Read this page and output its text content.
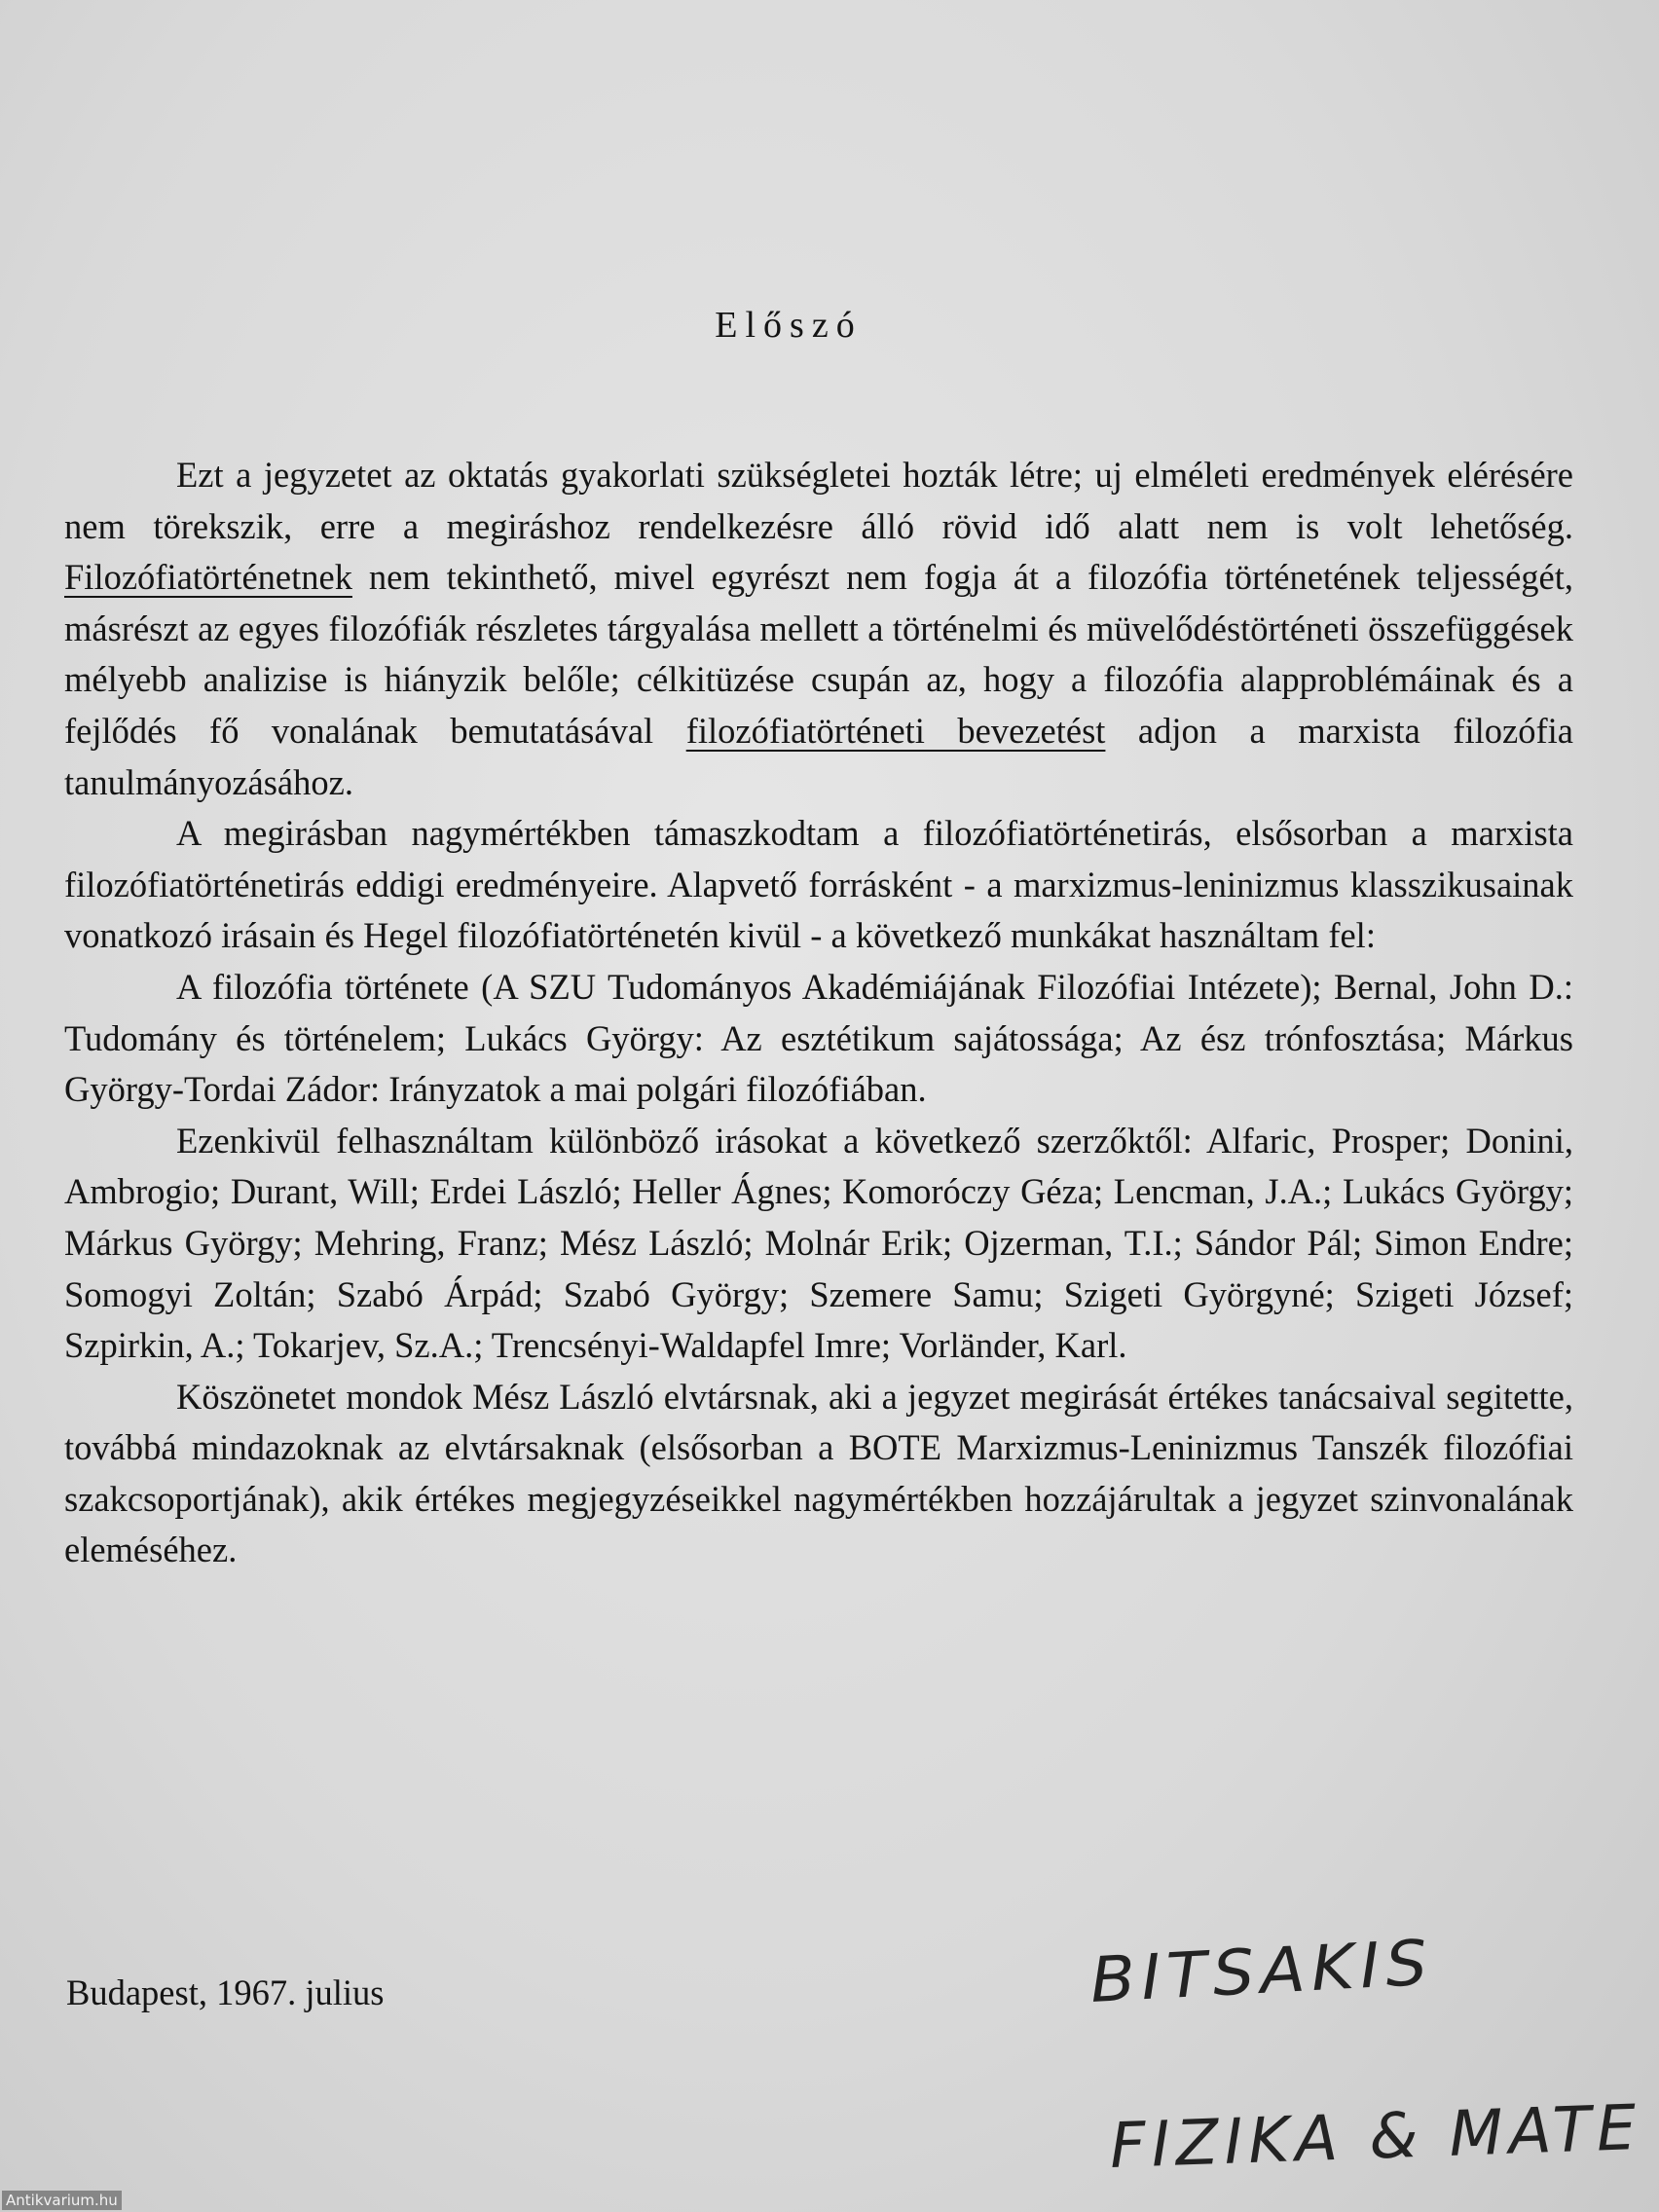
Előszó

Ezt a jegyzetet az oktatás gyakorlati szükségletei hozták létre; uj elméleti eredmények elérésére nem törekszik, erre a megiráshoz rendelkezésre álló rövid idő alatt nem is volt lehetőség. Filozófiatörténetnek nem tekinthető, mivel egyrészt nem fogja át a filozófia történetének teljességét, másrészt az egyes filozófiák részletes tárgyalása mellett a történelmi és müvelődéstörténeti összefüggések mélyebb analizise is hiányzik belőle; célkitüzése csupán az, hogy a filozófia alapproblémáinak és a fejlődés fő vonalának bemutatásával filozófiatörténeti bevezetést adjon a marxista filozófia tanulmányozásához.

A megirásban nagymértékben támaszkodtam a filozófiatörténetirás, elsősorban a marxista filozófiatörténetirás eddigi eredményeire. Alapvető forrásként - a marxizmus-leninizmus klasszikusainak vonatkozó irásain és Hegel filozófiatörténetén kivül - a következő munkákat használtam fel:

A filozófia története (A SZU Tudományos Akadémiájának Filozófiai Intézete); Bernal, John D.: Tudomány és történelem; Lukács György: Az esztétikum sajátossága; Az ész trónfosztása; Márkus György-Tordai Zádor: Irányzatok a mai polgári filozófiában.

Ezenkivül felhasználtam különböző irásokat a következő szerzőktől: Alfaric, Prosper; Donini, Ambrogio; Durant, Will; Erdei László; Heller Ágnes; Komoróczy Géza; Lencman, J.A.; Lukács György; Márkus György; Mehring, Franz; Mész László; Molnár Erik; Ojzerman, T.I.; Sándor Pál; Simon Endre; Somogyi Zoltán; Szabó Árpád; Szabó György; Szemere Samu; Szigeti Györgyné; Szigeti József; Szpirkin, A.; Tokarjev, Sz.A.; Trencsényi-Waldapfel Imre; Vorländer, Karl.

Köszönetet mondok Mész László elvtársnak, aki a jegyzet megirását értékes tanácsaival segitette, továbbá mindazoknak az elvtársaknak (elsősorban a BOTE Marxizmus-Leninizmus Tanszék filozófiai szakcsoportjának), akik értékes megjegyzéseikkel nagymértékben hozzájárultak a jegyzet szinvonalának eleméséhez.

Budapest, 1967. julius	BITSAKIS
FIZIKA & MATE
Antikvarium.hu
